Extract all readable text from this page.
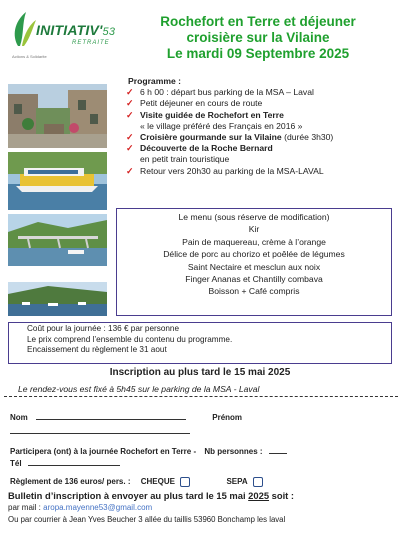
INITIATIV'53
RETRAITE
Actions & Solidarite
Rochefort en Terre et déjeuner
croisière sur la Vilaine
Le mardi 09 Septembre 2025
Programme :
✓ 6 h 00 : départ bus parking de la MSA – Laval
✓ Petit déjeuner en cours de route
✓ Visite guidée de Rochefort en Terre
« le village préféré des Français en 2016 »
✓ Croisière gourmande sur la Vilaine (durée 3h30)
✓ Découverte de la Roche Bernard
en petit train touristique
✓ Retour vers 20h30 au parking de la MSA-LAVAL
Le menu (sous réserve de modification)
Kir
Pain de maquereau, crème à l’orange
Délice de porc au chorizo et poêlée de légumes
Saint Nectaire et mesclun aux noix
Finger Ananas et Chantilly combava
Boisson + Café compris
Coût pour la journée : 136 € par personne
Le prix comprend l’ensemble du contenu du programme.
Encaissement du règlement le 31 aout
Inscription au plus tard le 15 mai 2025
Le rendez-vous est fixé à 5h45 sur le parking de la MSA - Laval
Nom	Prénom
Participera (ont) à la journée Rochefort en Terre - Nb personnes :
Tél
Règlement de 136 euros/ pers. : CHEQUE	SEPA
Bulletin d’inscription à envoyer au plus tard le 15 mai 2025 soit :
par mail : aropa.mayenne53@gmail.com
Ou par courrier à Jean Yves Beucher 3 allée du taillis 53960 Bonchamp les laval
